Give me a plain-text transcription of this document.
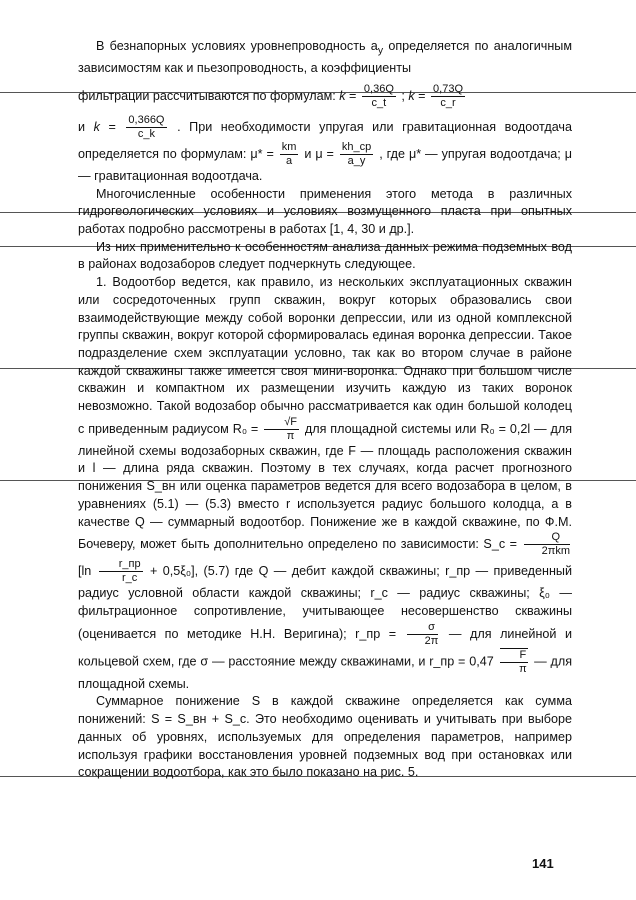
В безнапорных условиях уровнепроводность $a_y$ определяется по аналогичным зависимостям как и пьезопроводность, а коэффициенты

фильтрации рассчитываются по формулам: $k = \frac{0,36Q}{c\_t}$ ; $k = \frac{0,73Q}{c\_r}$

и $k = \frac{0,366Q}{c\_k}$ . При необходимости упругая или гравитационная водоотдача определяется по формулам: $\mu* = \frac{km}{a}$ и $\mu = \frac{kh\_ср}{a\_y}$ , где μ* — упругая водоотдача; μ — гравитационная водоотдача.

Многочисленные особенности применения этого метода в различных гидрогеологических условиях и условиях возмущенного пласта при опытных работах подробно рассмотрены в работах [1, 4, 30 и др.].

Из них применительно к особенностям анализа данных режима подземных вод в районах водозаборов следует подчеркнуть следующее.

1. Водоотбор ведется, как правило, из нескольких эксплуатационных скважин или сосредоточенных групп скважин, вокруг которых образовались свои взаимодействующие между собой воронки депрессии, или из одной комплексной группы скважин, вокруг которой сформировалась единая воронка депрессии. Такое подразделение схем эксплуатации условно, так как во втором случае в районе каждой скважины также имеется своя мини-воронка. Однако при большом числе скважин и компактном их размещении изучить каждую из таких воронок невозможно. Такой водозабор обычно рассматривается как один большой колодец с приведенным радиусом $R_0 = \frac{√F}{\pi}$ для площадной системы или R₀ = 0,2l — для линейной схемы водозаборных скважин, где F — площадь расположения скважин и l — длина ряда скважин. Поэтому в тех случаях, когда расчет прогнозного понижения S_вн или оценка параметров ведется для всего водозабора в целом, в уравнениях (5.1) — (5.3) вместо r используется радиус большого колодца, а в качестве Q — суммарный водоотбор. Понижение же в каждой скважине, по Ф.М. Бочеверу, может быть дополнительно определено по зависимости: S_c = $\frac{Q}{\text{2πkm}}$
$[\ln \frac{r\_пр}{r\_c} + 0,5\xi_0]$, (5.7) где Q — дебит каждой скважины; r_пр — приведенный радиус условной области каждой скважины; r_c — радиус скважины; ξ₀ — фильтрационное сопротивление, учитывающее несовершенство скважины (оценивается по методике Н.Н. Веригина); r_пр = $\frac{\sigma}{2\pi}$ — для линейной и кольцевой схем, где σ — расстояние между скважинами, и r_пр = $0,47 \frac{F}{\pi}$ — для площадной схемы.

Суммарное понижение S в каждой скважине определяется как сумма понижений: S = S_вн + S_c. Это необходимо оценивать и учитывать при выборе данных об уровнях, используемых для определения параметров, например используя графики восстановления уровней подземных вод при остановках или сокращении водоотбора, как это было показано на рис. 5.

141
